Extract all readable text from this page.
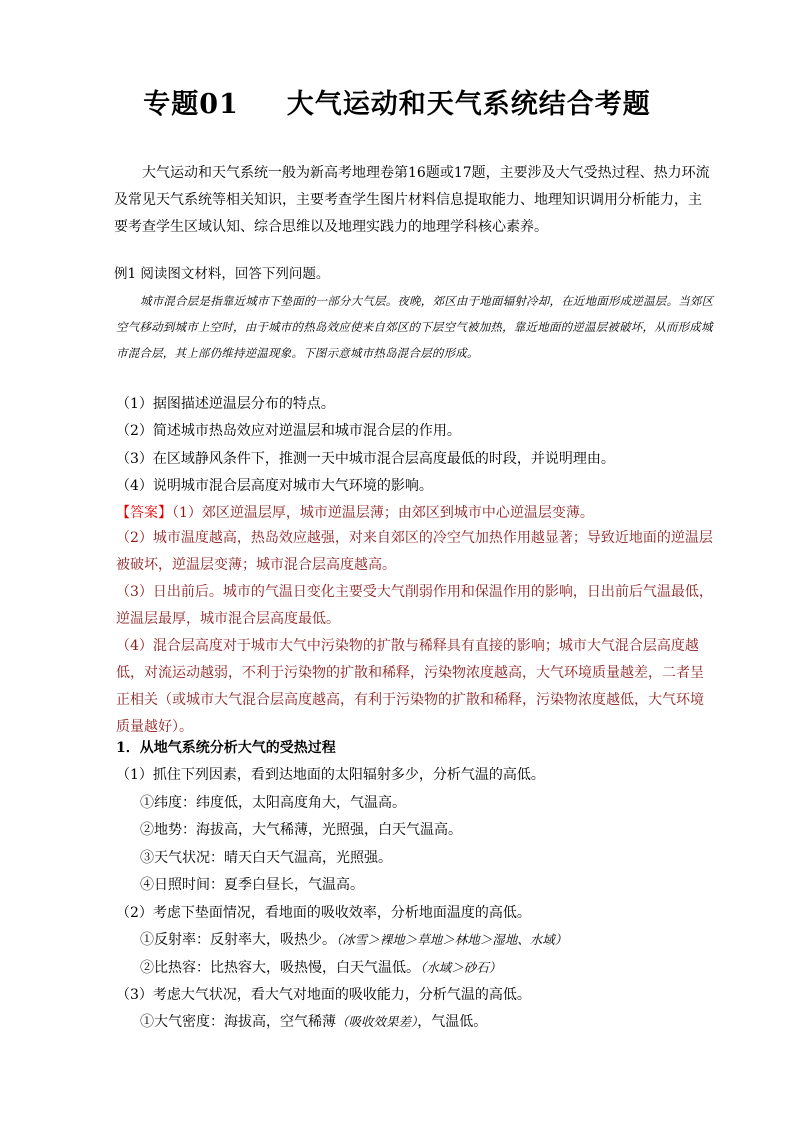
专题01 大气运动和天气系统结合考题

大气运动和天气系统一般为新高考地理卷第16题或17题，主要涉及大气受热过程、热力环流及常见天气系统等相关知识，主要考查学生图片材料信息提取能力、地理知识调用分析能力，主要考查学生区域认知、综合思维以及地理实践力的地理学科核心素养。

例1 阅读图文材料，回答下列问题。

城市混合层是指靠近城市下垫面的一部分大气层。夜晚，郊区由于地面辐射冷却，在近地面形成逆温层。当郊区空气移动到城市上空时，由于城市的热岛效应使来自郊区的下层空气被加热，靠近地面的逆温层被破坏，从而形成城市混合层，其上部仍维持逆温现象。下图示意城市热岛混合层的形成。

（1）据图描述逆温层分布的特点。
（2）简述城市热岛效应对逆温层和城市混合层的作用。
（3）在区域静风条件下，推测一天中城市混合层高度最低的时段，并说明理由。
（4）说明城市混合层高度对城市大气环境的影响。
【答案】（1）郊区逆温层厚，城市逆温层薄；由郊区到城市中心逆温层变薄。

（2）城市温度越高，热岛效应越强，对来自郊区的冷空气加热作用越显著；导致近地面的逆温层被破坏，逆温层变薄；城市混合层高度越高。

（3）日出前后。城市的气温日变化主要受大气削弱作用和保温作用的影响，日出前后气温最低，逆温层最厚，城市混合层高度最低。

（4）混合层高度对于城市大气中污染物的扩散与稀释具有直接的影响；城市大气混合层高度越低，对流运动越弱，不利于污染物的扩散和稀释，污染物浓度越高，大气环境质量越差，二者呈正相关（或城市大气混合层高度越高，有利于污染物的扩散和稀释，污染物浓度越低，大气环境质量越好）。

1．从地气系统分析大气的受热过程
（1）抓住下列因素，看到达地面的太阳辐射多少，分析气温的高低。
①纬度：纬度低，太阳高度角大，气温高。
②地势：海拔高，大气稀薄，光照强，白天气温高。
③天气状况：晴天白天气温高，光照强。
④日照时间：夏季白昼长，气温高。
（2）考虑下垫面情况，看地面的吸收效率，分析地面温度的高低。
①反射率：反射率大，吸热少。（冰雪＞裸地＞草地＞林地＞湿地、水域）
②比热容：比热容大，吸热慢，白天气温低。（水域＞砂石）
（3）考虑大气状况，看大气对地面的吸收能力，分析气温的高低。
①大气密度：海拔高，空气稀薄（吸收效果差），气温低。
